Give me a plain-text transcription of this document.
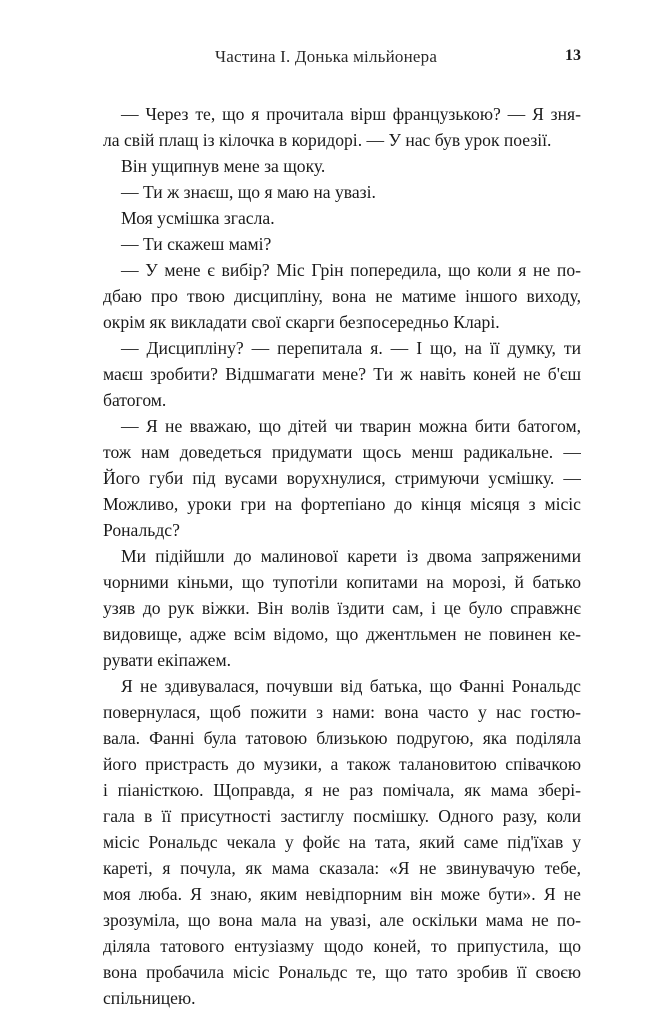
Частина I. Донька мільйонера	13
— Через те, що я прочитала вірш французькою? — Я зня-
ла свій плащ із кілочка в коридорі. — У нас був урок поезії.
Він ущипнув мене за щоку.
— Ти ж знаєш, що я маю на увазі.
Моя усмішка згасла.
— Ти скажеш мамі?
— У мене є вибір? Міс Грін попередила, що коли я не по-
дбаю про твою дисципліну, вона не матиме іншого виходу,
окрім як викладати свої скарги безпосередньо Кларі.
— Дисципліну? — перепитала я. — І що, на її думку, ти
маєш зробити? Відшмагати мене? Ти ж навіть коней не б'єш
батогом.
— Я не вважаю, що дітей чи тварин можна бити батогом,
тож нам доведеться придумати щось менш радикальне. —
Його губи під вусами ворухнулися, стримуючи усмішку. —
Можливо, уроки гри на фортепіано до кінця місяця з місіс
Рональдс?
Ми підійшли до малинової карети із двома запряженими
чорними кіньми, що тупотіли копитами на морозі, й батько
узяв до рук віжки. Він волів їздити сам, і це було справжнє
видовище, адже всім відомо, що джентльмен не повинен ке-
рувати екіпажем.
Я не здивувалася, почувши від батька, що Фанні Рональдс
повернулася, щоб пожити з нами: вона часто у нас гостю-
вала. Фанні була татовою близькою подругою, яка поділяла
його пристрасть до музики, а також талановитою співачкою
і піаністкою. Щоправда, я не раз помічала, як мама зберi-
гала в її присутності застиглу посмішку. Одного разу, коли
місіс Рональдс чекала у фойє на тата, який саме під'їхав у
кареті, я почула, як мама сказала: «Я не звинувачую тебе,
моя люба. Я знаю, яким невідпорним він може бути». Я не
зрозуміла, що вона мала на увазі, але оскільки мама не по-
діляла татового ентузіазму щодо коней, то припустила, що
вона пробачила місіс Рональдс те, що тато зробив її своєю
спільницею.
